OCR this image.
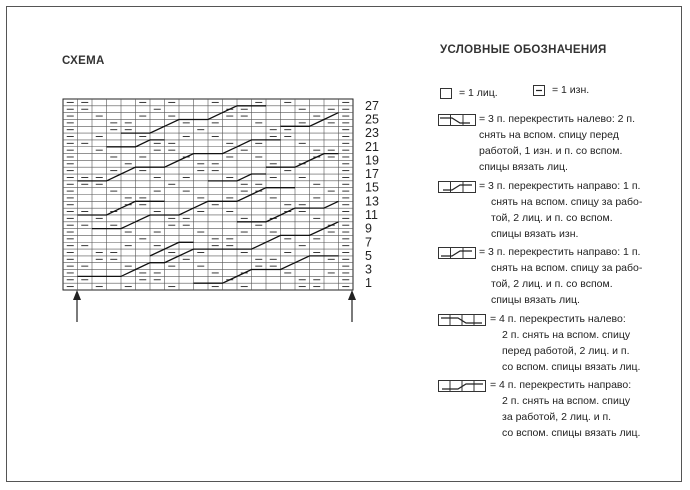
СХЕМА
УСЛОВНЫЕ ОБОЗНАЧЕНИЯ
27
25
23
21
19
17
15
13
11
9
7
5
3
1
= 1 лиц.	= 1 изн.
= 3 п. перекрестить налево: 2 п.
снять на вспом. спицу перед
работой, 1 изн. и п. со вспом.
спицы вязать лиц.
= 3 п. перекрестить направо: 1 п.
снять на вспом. спицу за рабо-
той, 2 лиц. и п. со вспом.
спицы вязать изн.
= 3 п. перекрестить направо: 1 п.
снять на вспом. спицу за рабо-
той, 2 лиц. и п. со вспом.
спицы вязать лиц.
= 4 п. перекрестить налево:
2 п. снять на вспом. спицу
перед работой, 2 лиц. и п.
со вспом. спицы вязать лиц.
= 4 п. перекрестить направо:
2 п. снять на вспом. спицу
за работой, 2 лиц. и п.
со вспом. спицы вязать лиц.
